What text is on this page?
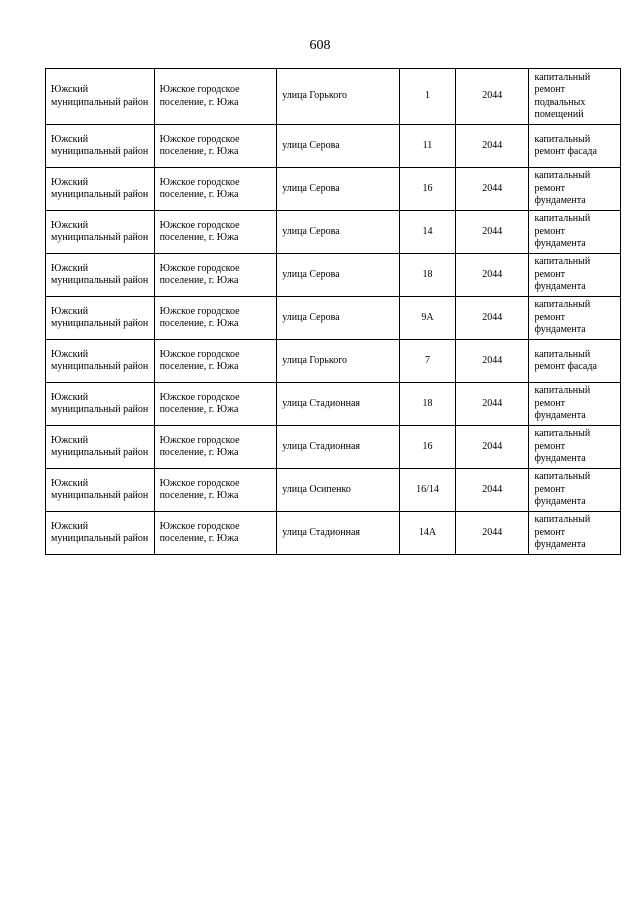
608
Южский муниципальный район	Южское городское поселение, г. Южа	улица Горького	1	2044	капитальный ремонт подвальных помещений
Южский муниципальный район	Южское городское поселение, г. Южа	улица Серова	11	2044	капитальный ремонт фасада
Южский муниципальный район	Южское городское поселение, г. Южа	улица Серова	16	2044	капитальный ремонт фундамента
Южский муниципальный район	Южское городское поселение, г. Южа	улица Серова	14	2044	капитальный ремонт фундамента
Южский муниципальный район	Южское городское поселение, г. Южа	улица Серова	18	2044	капитальный ремонт фундамента
Южский муниципальный район	Южское городское поселение, г. Южа	улица Серова	9А	2044	капитальный ремонт фундамента
Южский муниципальный район	Южское городское поселение, г. Южа	улица Горького	7	2044	капитальный ремонт фасада
Южский муниципальный район	Южское городское поселение, г. Южа	улица Стадионная	18	2044	капитальный ремонт фундамента
Южский муниципальный район	Южское городское поселение, г. Южа	улица Стадионная	16	2044	капитальный ремонт фундамента
Южский муниципальный район	Южское городское поселение, г. Южа	улица Осипенко	16/14	2044	капитальный ремонт фундамента
Южский муниципальный район	Южское городское поселение, г. Южа	улица Стадионная	14А	2044	капитальный ремонт фундамента
